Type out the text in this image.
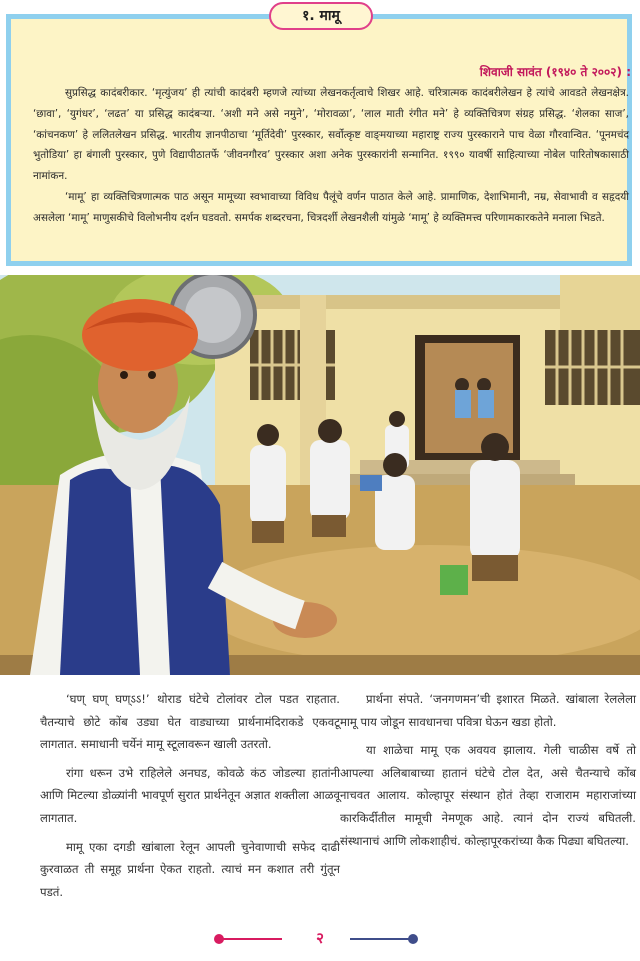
शिवाजी सावंत (१९४० ते २००२) :

सुप्रसिद्ध कादंबरीकार. ‘मृत्युंजय’ ही त्यांची कादंबरी म्हणजे त्यांच्या लेखनकर्तृत्वाचे शिखर आहे. चरित्रात्मक कादंबरीलेखन हे त्यांचे आवडते लेखनक्षेत्र. ‘छावा’, ‘युगंधर’, ‘लढत’ या प्रसिद्ध कादंबऱ्या. ‘अशी मने असे नमुने’, ‘मोरावळा’, ‘लाल माती रंगीत मने’ हे व्यक्तिचित्रण संग्रह प्रसिद्ध. ‘शेलका साज’, ‘कांचनकण’ हे ललितलेखन प्रसिद्ध. भारतीय ज्ञानपीठाचा ‘मूर्तिदेवी’ पुरस्कार, सर्वोत्कृष्ट वाङ्‌मयाच्या महाराष्ट्र राज्य पुरस्काराने पाच वेळा गौरवान्वित. ‘पूनमचंद भुतोडिया’ हा बंगाली पुरस्कार, पुणे विद्यापीठातर्फे ‘जीवनगौरव’ पुरस्कार अशा अनेक पुरस्कारांनी सन्मानित. १९९० यावर्षी साहित्याच्या नोबेल पारितोषकासाठी नामांकन.

‘मामू’ हा व्यक्तिचित्रणात्मक पाठ असून मामूच्या स्वभावाच्या विविध पैलूंचे वर्णन पाठात केले आहे. प्रामाणिक, देशाभिमानी, नम्र, सेवाभावी व सहृदयी असलेला ‘मामू’ माणुसकीचे विलोभनीय दर्शन घडवतो. समर्पक शब्दरचना, चित्रदर्शी लेखनशैली यांमुळे ‘मामू’ हे व्यक्तिमत्त्व परिणामकारकतेने मनाला भिडते.

१. मामू

‘घण् घण् घण्ऽऽ!’ थोराड घंटेचे टोलांवर टोल पडत राहतात. चैतन्याचे छोटे कोंब उड्या घेत वाड्याच्या प्रार्थनामंदिराकडे एकवटू लागतात. समाधानी चर्येनं मामू स्टूलावरून खाली उतरतो.

रांगा धरून उभे राहिलेले अनघड, कोवळे कंठ जोडल्या हातांनी आणि मिटल्या डोळ्यांनी भावपूर्ण सुरात प्रार्थनेतून अज्ञात शक्तीला आळवू लागतात.

मामू एका दगडी खांबाला रेलून आपली चुनेवाणाची सफेद दाढी कुरवाळत ती समूह प्रार्थना ऐकत राहतो. त्याचं मन कशात तरी गुंतून पडतं.

प्रार्थना संपते. ‘जनगणमन’ची इशारत मिळते. खांबाला रेललेला मामू पाय जोडून सावधानचा पवित्रा घेऊन खडा होतो.

या शाळेचा मामू एक अवयव झालाय. गेली चाळीस वर्षे तो आपल्या अलिबाबाच्या हातानं घंटेचे टोल देत, असे चैतन्याचे कोंब नाचवत आलाय. कोल्हापूर संस्थान होतं तेव्हा राजाराम महाराजांच्या कारकिर्दीतील मामूची नेमणूक आहे. त्यानं दोन राज्यं बघितली. संस्थानाचं आणि लोकशाहीचं. कोल्हापूरकरांच्या कैक पिढ्या बघितल्या.

२
